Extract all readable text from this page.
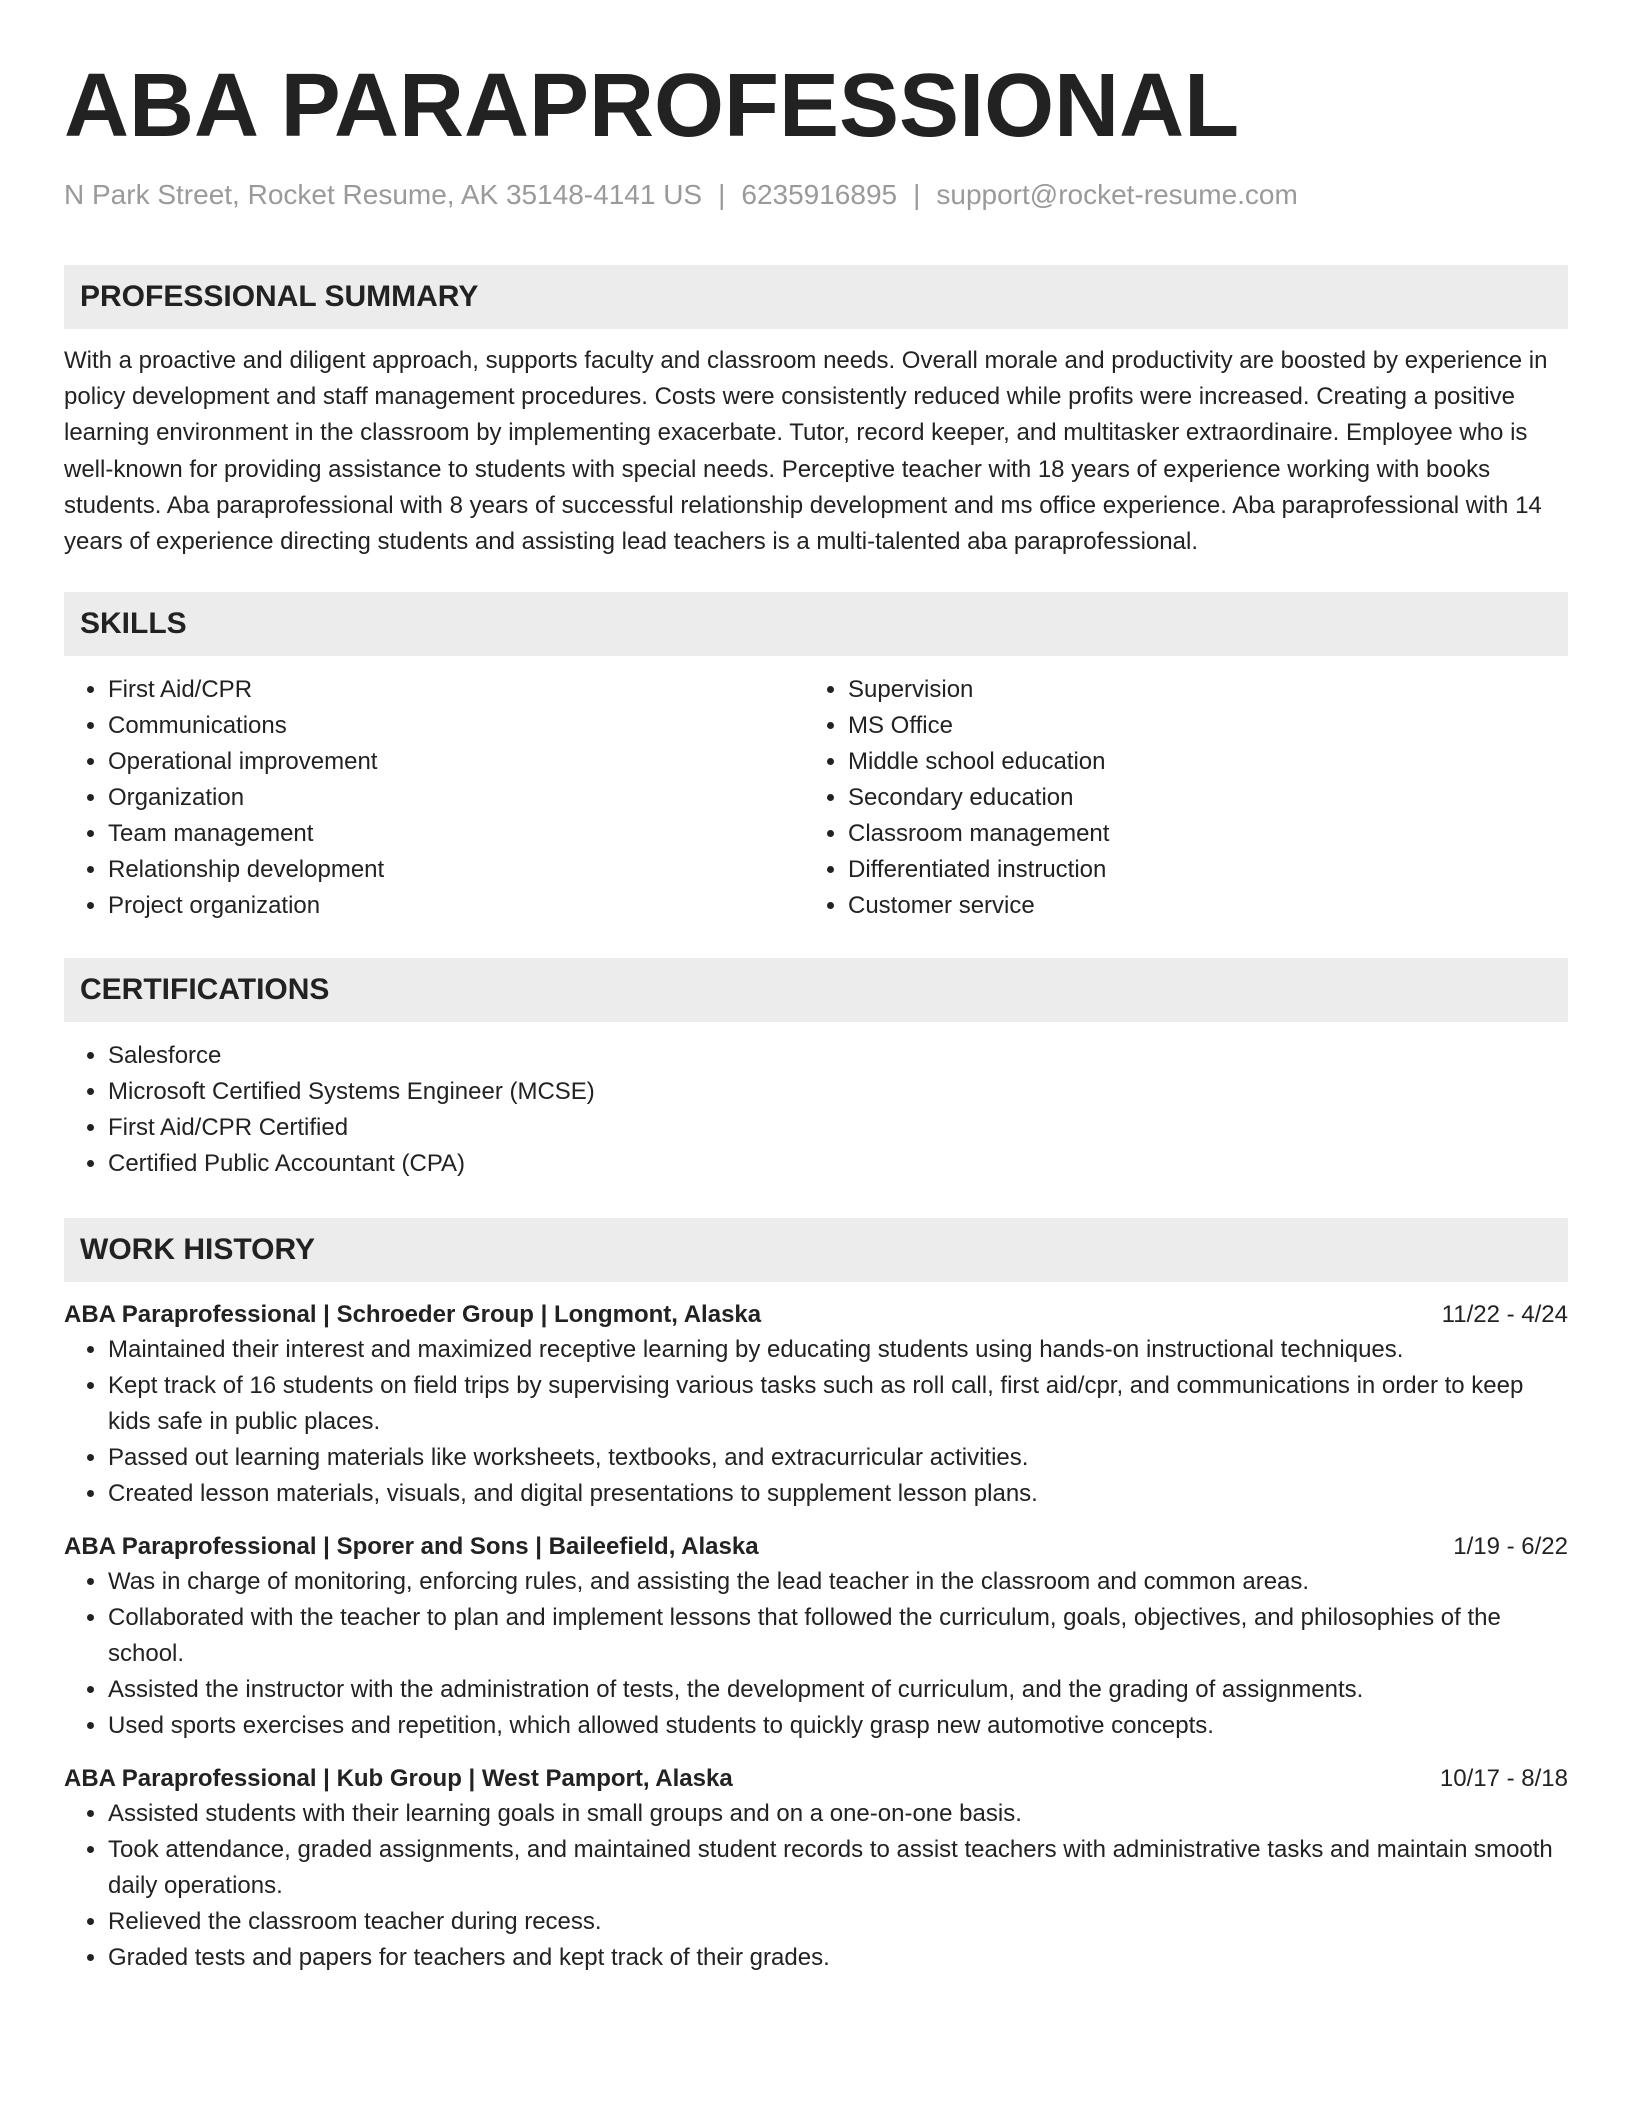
ABA PARAPROFESSIONAL
N Park Street, Rocket Resume, AK 35148-4141 US | 6235916895 | support@rocket-resume.com
PROFESSIONAL SUMMARY

With a proactive and diligent approach, supports faculty and classroom needs. Overall morale and productivity are boosted by experience in policy development and staff management procedures. Costs were consistently reduced while profits were increased. Creating a positive learning environment in the classroom by implementing exacerbate. Tutor, record keeper, and multitasker extraordinaire. Employee who is well-known for providing assistance to students with special needs. Perceptive teacher with 18 years of experience working with books students. Aba paraprofessional with 8 years of successful relationship development and ms office experience. Aba paraprofessional with 14 years of experience directing students and assisting lead teachers is a multi-talented aba paraprofessional.

SKILLS
• First Aid/CPR
• Communications
• Operational improvement
• Organization
• Team management
• Relationship development
• Project organization
• Supervision
• MS Office
• Middle school education
• Secondary education
• Classroom management
• Differentiated instruction
• Customer service
CERTIFICATIONS
• Salesforce
• Microsoft Certified Systems Engineer (MCSE)
• First Aid/CPR Certified
• Certified Public Accountant (CPA)
WORK HISTORY
ABA Paraprofessional | Schroeder Group | Longmont, Alaska	11/22 - 4/24
• Maintained their interest and maximized receptive learning by educating students using hands-on instructional techniques.
• Kept track of 16 students on field trips by supervising various tasks such as roll call, first aid/cpr, and communications in order to keep kids safe in public places.
• Passed out learning materials like worksheets, textbooks, and extracurricular activities.
• Created lesson materials, visuals, and digital presentations to supplement lesson plans.
ABA Paraprofessional | Sporer and Sons | Baileefield, Alaska	1/19 - 6/22
• Was in charge of monitoring, enforcing rules, and assisting the lead teacher in the classroom and common areas.
• Collaborated with the teacher to plan and implement lessons that followed the curriculum, goals, objectives, and philosophies of the school.
• Assisted the instructor with the administration of tests, the development of curriculum, and the grading of assignments.
• Used sports exercises and repetition, which allowed students to quickly grasp new automotive concepts.
ABA Paraprofessional | Kub Group | West Pamport, Alaska	10/17 - 8/18
• Assisted students with their learning goals in small groups and on a one-on-one basis.
• Took attendance, graded assignments, and maintained student records to assist teachers with administrative tasks and maintain smooth daily operations.
• Relieved the classroom teacher during recess.
• Graded tests and papers for teachers and kept track of their grades.
